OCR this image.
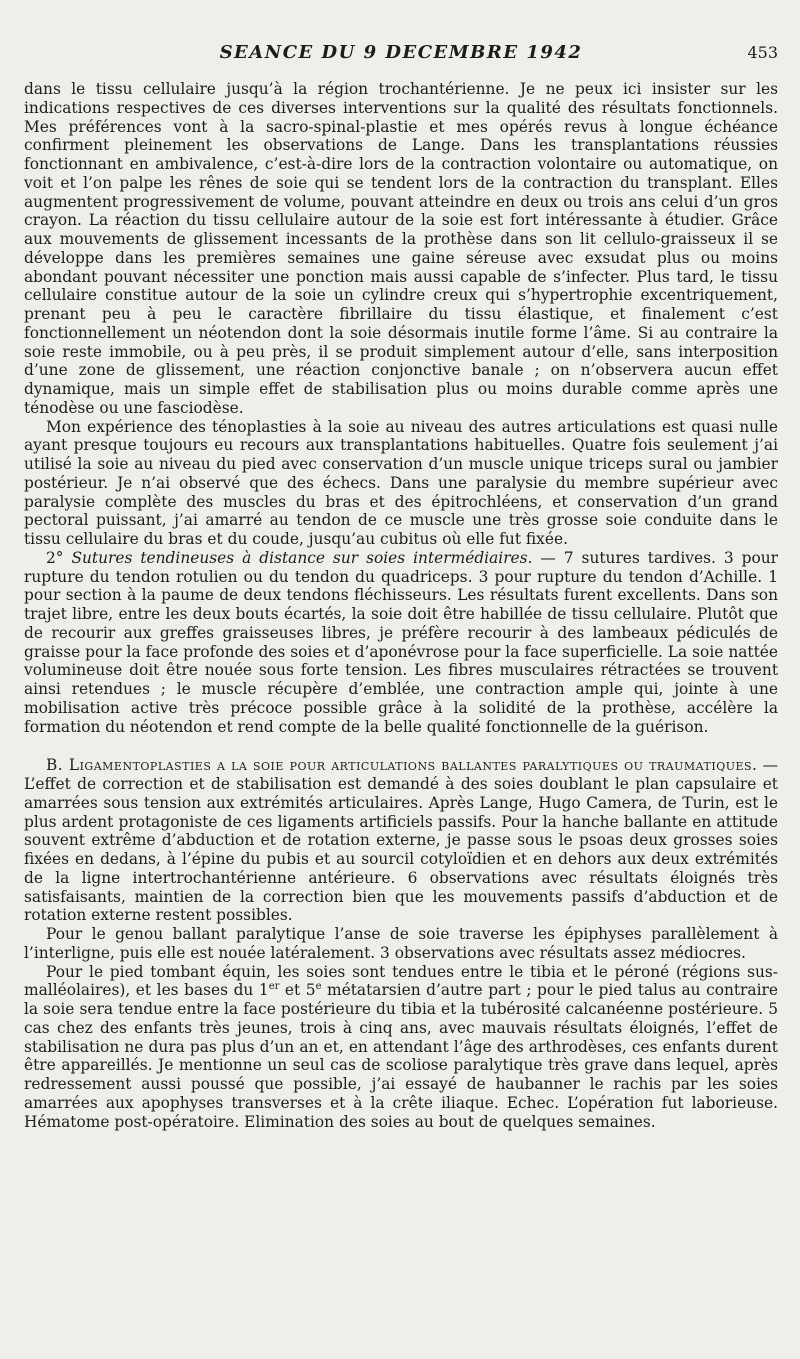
SEANCE DU 9 DECEMBRE 1942	453

dans le tissu cellulaire jusqu’à la région trochantérienne. Je ne peux ici insister sur les indications respectives de ces diverses interventions sur la qualité des résultats fonctionnels. Mes préférences vont à la sacro-spinal-plastie et mes opérés revus à longue échéance confirment pleinement les observations de Lange. Dans les transplantations réussies fonctionnant en ambivalence, c’est-à-dire lors de la contraction volontaire ou automatique, on voit et l’on palpe les rênes de soie qui se tendent lors de la contraction du transplant. Elles augmentent progressivement de volume, pouvant atteindre en deux ou trois ans celui d’un gros crayon. La réaction du tissu cellulaire autour de la soie est fort intéressante à étudier. Grâce aux mouvements de glissement incessants de la prothèse dans son lit cellulo-graisseux il se développe dans les premières semaines une gaine séreuse avec exsudat plus ou moins abondant pouvant nécessiter une ponction mais aussi capable de s’infecter. Plus tard, le tissu cellulaire constitue autour de la soie un cylindre creux qui s’hypertrophie excentriquement, prenant peu à peu le caractère fibrillaire du tissu élastique, et finalement c’est fonctionnellement un néotendon dont la soie désormais inutile forme l’âme. Si au contraire la soie reste immobile, ou à peu près, il se produit simplement autour d’elle, sans interposition d’une zone de glissement, une réaction conjonctive banale ; on n’observera aucun effet dynamique, mais un simple effet de stabilisation plus ou moins durable comme après une ténodèse ou une fasciodèse.

Mon expérience des ténoplasties à la soie au niveau des autres articulations est quasi nulle ayant presque toujours eu recours aux transplantations habituelles. Quatre fois seulement j’ai utilisé la soie au niveau du pied avec conservation d’un muscle unique triceps sural ou jambier postérieur. Je n’ai observé que des échecs. Dans une paralysie du membre supérieur avec paralysie complète des muscles du bras et des épitrochléens, et conservation d’un grand pectoral puissant, j’ai amarré au tendon de ce muscle une très grosse soie conduite dans le tissu cellulaire du bras et du coude, jusqu’au cubitus où elle fut fixée.

2° Sutures tendineuses à distance sur soies intermédiaires. — 7 sutures tardives. 3 pour rupture du tendon rotulien ou du tendon du quadriceps. 3 pour rupture du tendon d’Achille. 1 pour section à la paume de deux tendons fléchisseurs. Les résultats furent excellents. Dans son trajet libre, entre les deux bouts écartés, la soie doit être habillée de tissu cellulaire. Plutôt que de recourir aux greffes graisseuses libres, je préfère recourir à des lambeaux pédiculés de graisse pour la face profonde des soies et d’aponévrose pour la face superficielle. La soie nattée volumineuse doit être nouée sous forte tension. Les fibres musculaires rétractées se trouvent ainsi retendues ; le muscle récupère d’emblée, une contraction ample qui, jointe à une mobilisation active très précoce possible grâce à la solidité de la prothèse, accélère la formation du néotendon et rend compte de la belle qualité fonctionnelle de la guérison.

B. Ligamentoplasties a la soie pour articulations ballantes paralytiques ou traumatiques. — L’effet de correction et de stabilisation est demandé à des soies doublant le plan capsulaire et amarrées sous tension aux extrémités articulaires. Après Lange, Hugo Camera, de Turin, est le plus ardent protagoniste de ces ligaments artificiels passifs. Pour la hanche ballante en attitude souvent extrême d’abduction et de rotation externe, je passe sous le psoas deux grosses soies fixées en dedans, à l’épine du pubis et au sourcil cotyloïdien et en dehors aux deux extrémités de la ligne intertrochantérienne antérieure. 6 observations avec résultats éloignés très satisfaisants, maintien de la correction bien que les mouvements passifs d’abduction et de rotation externe restent possibles.

Pour le genou ballant paralytique l’anse de soie traverse les épiphyses parallèlement à l’interligne, puis elle est nouée latéralement. 3 observations avec résultats assez médiocres.

Pour le pied tombant équin, les soies sont tendues entre le tibia et le péroné (régions sus-malléolaires), et les bases du 1er et 5e métatarsien d’autre part ; pour le pied talus au contraire la soie sera tendue entre la face postérieure du tibia et la tubérosité calcanéenne postérieure. 5 cas chez des enfants très jeunes, trois à cinq ans, avec mauvais résultats éloignés, l’effet de stabilisation ne dura pas plus d’un an et, en attendant l’âge des arthrodèses, ces enfants durent être appareillés. Je mentionne un seul cas de scoliose paralytique très grave dans lequel, après redressement aussi poussé que possible, j’ai essayé de haubanner le rachis par les soies amarrées aux apophyses transverses et à la crête iliaque. Echec. L’opération fut laborieuse. Hématome post-opératoire. Elimination des soies au bout de quelques semaines.
